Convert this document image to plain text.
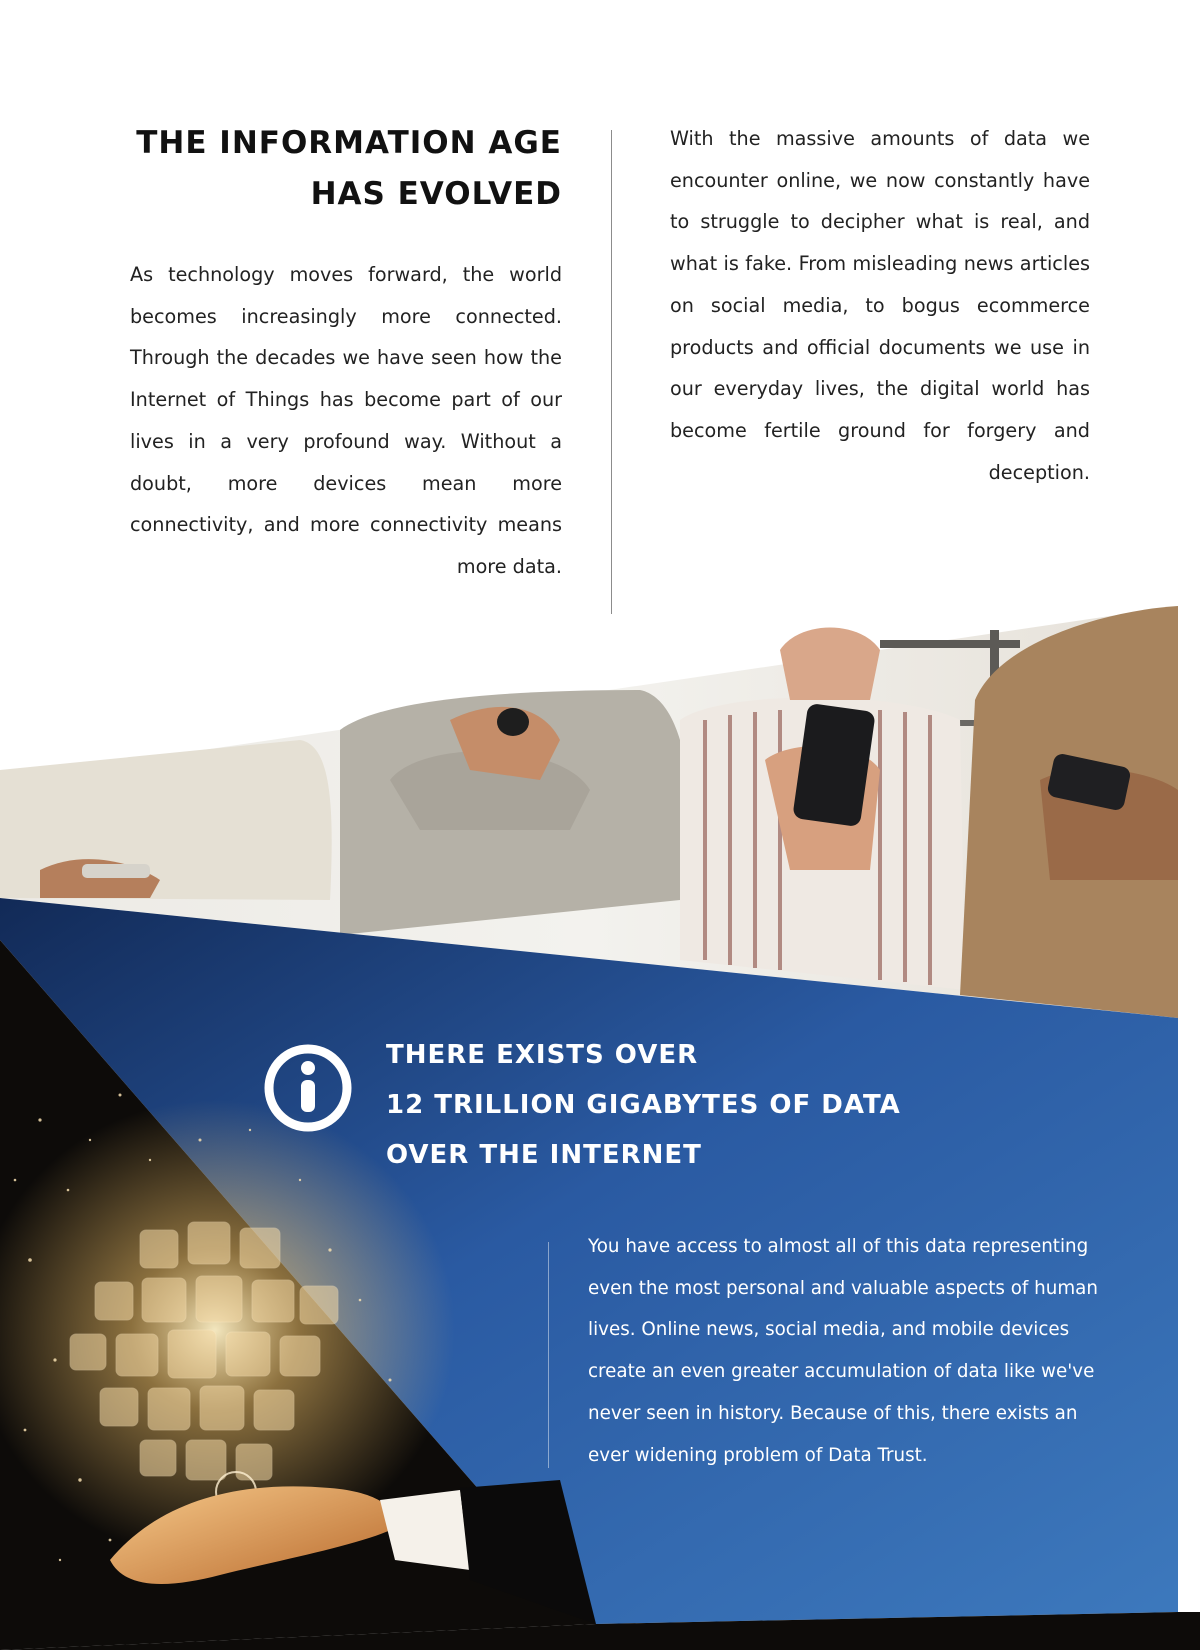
THE INFORMATION AGE
HAS EVOLVED

As technology moves forward, the world becomes increasingly more connected. Through the decades we have seen how the Internet of Things has become part of our lives in a very profound way. Without a doubt, more devices mean more connectivity, and more connectivity means more data.

With the massive amounts of data we encounter online, we now constantly have to struggle to decipher what is real, and what is fake. From misleading news articles on social media, to bogus ecommerce products and official documents we use in our everyday lives, the digital world has become fertile ground for forgery and deception.

THERE EXISTS OVER
12 TRILLION GIGABYTES OF DATA
OVER THE INTERNET

You have access to almost all of this data representing even the most personal and valuable aspects of human lives. Online news, social media, and mobile devices create an even greater accumulation of data like we've never seen in history. Because of this, there exists an ever widening problem of Data Trust.
